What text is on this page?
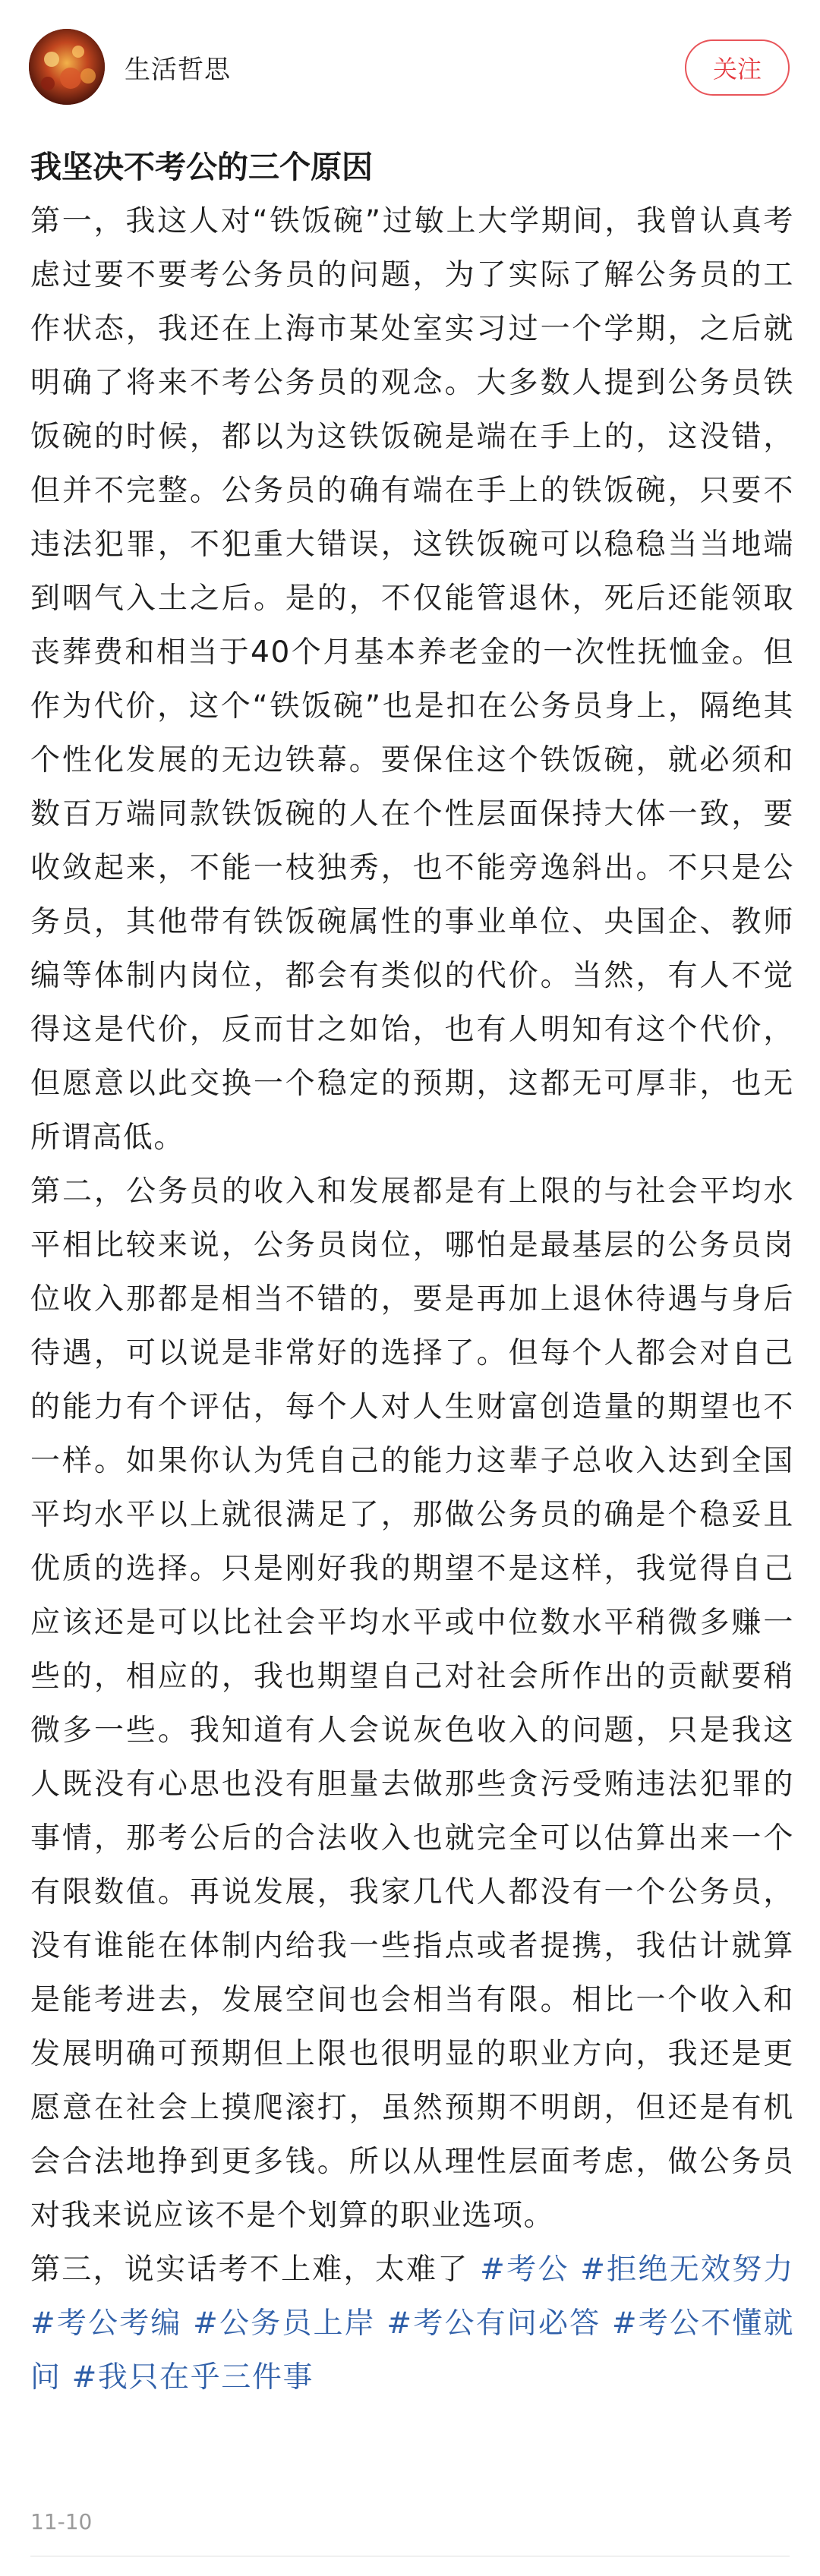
生活哲思	关注
我坚决不考公的三个原因

第一，我这人对“铁饭碗”过敏上大学期间，我曾认真考虑过要不要考公务员的问题，为了实际了解公务员的工作状态，我还在上海市某处室实习过一个学期，之后就明确了将来不考公务员的观念。大多数人提到公务员铁饭碗的时候，都以为这铁饭碗是端在手上的，这没错，但并不完整。公务员的确有端在手上的铁饭碗，只要不违法犯罪，不犯重大错误，这铁饭碗可以稳稳当当地端到咽气入土之后。是的，不仅能管退休，死后还能领取丧葬费和相当于40个月基本养老金的一次性抚恤金。但作为代价，这个“铁饭碗”也是扣在公务员身上，隔绝其个性化发展的无边铁幕。要保住这个铁饭碗，就必须和数百万端同款铁饭碗的人在个性层面保持大体一致，要收敛起来，不能一枝独秀，也不能旁逸斜出。不只是公务员，其他带有铁饭碗属性的事业单位、央国企、教师编等体制内岗位，都会有类似的代价。当然，有人不觉得这是代价，反而甘之如饴，也有人明知有这个代价，但愿意以此交换一个稳定的预期，这都无可厚非，也无所谓高低。

第二，公务员的收入和发展都是有上限的与社会平均水平相比较来说，公务员岗位，哪怕是最基层的公务员岗位收入那都是相当不错的，要是再加上退休待遇与身后待遇，可以说是非常好的选择了。但每个人都会对自己的能力有个评估，每个人对人生财富创造量的期望也不一样。如果你认为凭自己的能力这辈子总收入达到全国平均水平以上就很满足了，那做公务员的确是个稳妥且优质的选择。只是刚好我的期望不是这样，我觉得自己应该还是可以比社会平均水平或中位数水平稍微多赚一些的，相应的，我也期望自己对社会所作出的贡献要稍微多一些。我知道有人会说灰色收入的问题，只是我这人既没有心思也没有胆量去做那些贪污受贿违法犯罪的事情，那考公后的合法收入也就完全可以估算出来一个有限数值。再说发展，我家几代人都没有一个公务员，没有谁能在体制内给我一些指点或者提携，我估计就算是能考进去，发展空间也会相当有限。相比一个收入和发展明确可预期但上限也很明显的职业方向，我还是更愿意在社会上摸爬滚打，虽然预期不明朗，但还是有机会合法地挣到更多钱。所以从理性层面考虑，做公务员对我来说应该不是个划算的职业选项。

第三，说实话考不上难，太难了 #考公 #拒绝无效努力 #考公考编 #公务员上岸 #考公有问必答 #考公不懂就问 #我只在乎三件事

11-10
